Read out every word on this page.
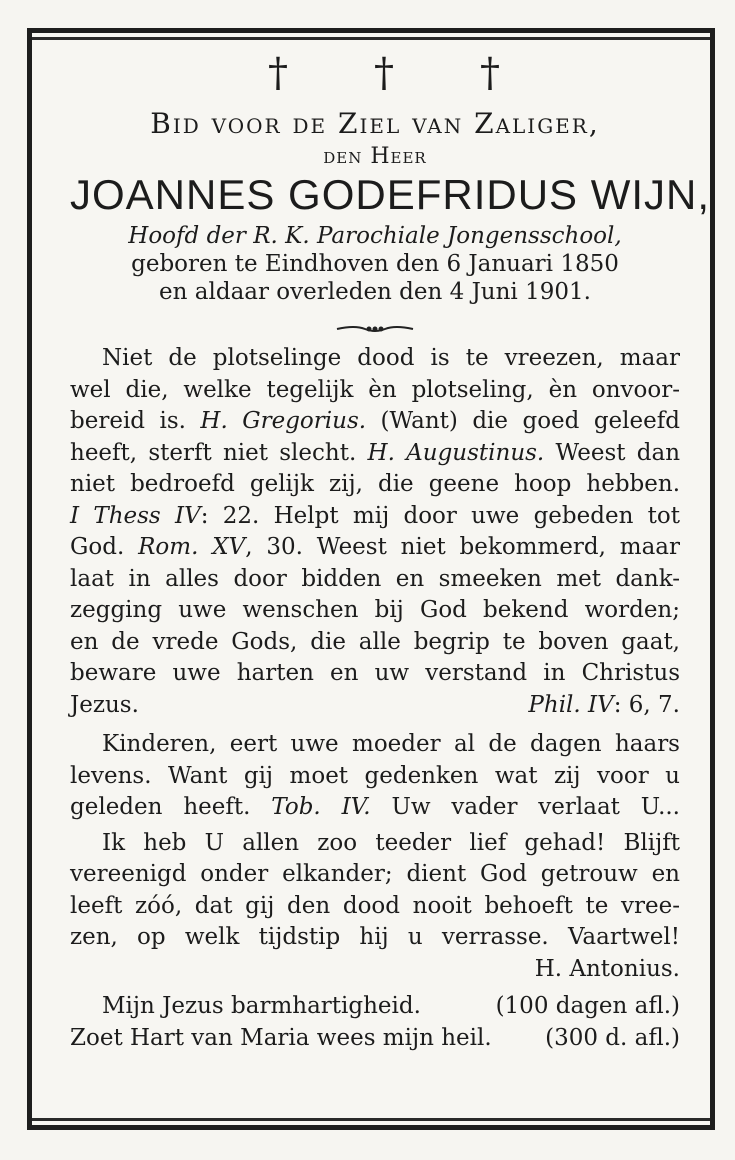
† † †
Bid voor de Ziel van Zaliger,
den Heer
JOANNES GODEFRIDUS WIJN,
Hoofd der R. K. Parochiale Jongensschool,
geboren te Eindhoven den 6 Januari 1850
en aldaar overleden den 4 Juni 1901.
Niet de plotselinge dood is te vreezen, maar
wel die, welke tegelijk èn plotseling, èn onvoor-
bereid is. H. Gregorius. (Want) die goed geleefd
heeft, sterft niet slecht. H. Augustinus. Weest dan
niet bedroefd gelijk zij, die geene hoop hebben.
I Thess IV: 22. Helpt mij door uwe gebeden tot
God. Rom. XV, 30. Weest niet bekommerd, maar
laat in alles door bidden en smeeken met dank-
zegging uwe wenschen bij God bekend worden;
en de vrede Gods, die alle begrip te boven gaat,
beware uwe harten en uw verstand in Christus
Jezus.	Phil. IV: 6, 7.
Kinderen, eert uwe moeder al de dagen haars
levens. Want gij moet gedenken wat zij voor u
geleden heeft. Tob. IV. Uw vader verlaat U...
Ik heb U allen zoo teeder lief gehad! Blijft
vereenigd onder elkander; dient God getrouw en
leeft zóó, dat gij den dood nooit behoeft te vree-
zen, op welk tijdstip hij u verrasse. Vaartwel!
H. Antonius.
Mijn Jezus barmhartigheid.	(100 dagen afl.)
Zoet Hart van Maria wees mijn heil. (300 d. afl.)
